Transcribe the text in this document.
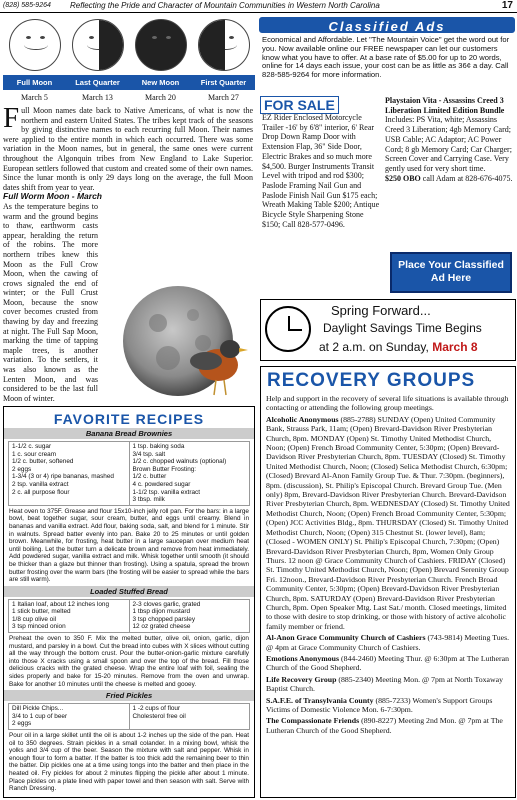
(828) 585-9264 Reflecting the Pride and Character of Mountain Communities in Western North Carolina	17
Full Moon
March 5
Last Quarter
March 13
New Moon
March 20
First Quarter
March 27
F ull Moon names date back to Native Americans, of what is now the northern and eastern United States. The tribes kept track of the seasons by giving distinctive names to each recurring full Moon. Their names were applied to the entire month in which each occurred. There was some variation in the Moon names, but in general, the same ones were current throughout the Algonquin tribes from New England to Lake Superior. European settlers followed that custom and created some of their own names. Since the lunar month is only 29 days long on the average, the full Moon dates shift from year to year.
Full Worm Moon - March
As the temperature begins to warm and the ground begins to thaw, earthworm casts appear, heralding the return of the robins. The more northern tribes knew this Moon as the Full Crow Moon, when the cawing of crows signaled the end of winter; or the Full Crust Moon, because the snow cover becomes crusted from thawing by day and freezing at night. The Full Sap Moon, marking the time of tapping maple trees, is another variation. To the settlers, it was also known as the Lenten Moon, and was considered to be the last full Moon of winter.
FAVORITE RECIPES
Banana Bread Brownies
1-1/2 c. sugar
1 c. sour cream
1/2 c. butter, softened
2 eggs
1-3/4 (3 or 4) ripe bananas, mashed
2 tsp. vanilla extract
2 c. all purpose flour
1 tsp. baking soda
3/4 tsp. salt
1/2 c. chopped walnuts (optional)
Brown Butter Frosting:
1/2 c. butter
4 c. powdered sugar
1-1/2 tsp. vanilla extract
3 tbsp. milk
Heat oven to 375F. Grease and flour 15x10-inch jelly roll pan. For the bars: in a large bowl, beat together sugar, sour cream, butter, and eggs until creamy. Blend in bananas and vanilla extract. Add flour, baking soda, salt, and blend for 1 minute. Stir in walnuts. Spread batter evenly into pan. Bake 20 to 25 minutes or until golden brown. Meanwhile, for frosting, heat butter in a large saucepan over medium heat until boiling. Let the butter turn a delicate brown and remove from heat immediately. Add powdered sugar, vanilla extract and milk. Whisk together until smooth (it should be thicker than a glaze but thinner than frosting). Using a spatula, spread the brown butter frosting over the warm bars (the frosting will be easier to spread while the bars are still warm).
Loaded Stuffed Bread
1 Italian loaf, about 12 inches long
1 stick butter, melted
1/8 cup olive oil
3 tsp minced onion
2-3 cloves garlic, grated
1 tbsp dijon mustard
3 tsp chopped parsley
12 oz grated cheese
Preheat the oven to 350 F. Mix the melted butter, olive oil, onion, garlic, dijon mustard, and parsley in a bowl. Cut the bread into cubes with X slices without cutting all the way through the bottom crust. Pour the butter-onion-garlic mixture carefully into those X cracks using a small spoon and over the top of the bread. Fill those delicious cracks with the grated cheese. Wrap the entire loaf with foil, sealing the sides properly and bake for 15-20 minutes. Remove from the oven and unwrap. Bake for another 10 minutes until the cheese is melted and gooey.
Fried Pickles
Dill Pickle Chips...
3/4 to 1 cup of beer
2 eggs
1 -2 cups of flour
Cholesterol free oil
Pour oil in a large skillet until the oil is about 1-2 inches up the side of the pan. Heat oil to 350 degrees. Strain pickles in a small colander. In a mixing bowl, whisk the yolks and 3/4 cup of the beer. Season the mixture with salt and pepper. Whisk in enough flour to form a batter. If the batter is too thick add the remaining beer to thin the batter. Dip pickles one at a time using tongs into the batter and then place in the heated oil. Fry pickles for about 2 minutes flipping the pickle after about 1 minute. Place pickles on a plate lined with paper towel and then season with salt. Serve with Ranch Dressing.
Classified Ads
Economical and Affordable. Let "The Mountain Voice" get the word out for you. Now available online our FREE newspaper can let our customers know what you have to offer. At a base rate of $5.00 for up to 20 words, online for 14 days each issue, your cost can be as little as 36¢ a day. Call 828-585-9264 for more information.
FOR SALE
EZ Rider Enclosed Motorcycle Trailer -16' by 6'8" interior, 6' Rear Drop Down Ramp Door with Extension Flap, 36" Side Door, Electric Brakes and so much more $4,500. Burger Instruments Transit Level with tripod and rod $300; Paslode Framing Nail Gun and Paslode Finish Nail Gun $175 each; Wreath Making Table $200; Antique Bicycle Style Sharpening Stone $150; Call 828-577-0496.
Playstaion Vita - Assassins Creed 3 Liberation Limited Edition Bundle
Includes: PS Vita, white; Assassins Creed 3 Liberation; 4gb Memory Card; USB Cable; AC Adaptor; AC Power Cord; 8 gb Memory Card; Car Charger; Screen Cover and Carrying Case. Very gently used for very short time.
$250 OBO call Adam at 828-676-4075.
Place Your Classified Ad Here
Spring Forward...
Daylight Savings Time Begins
at 2 a.m. on Sunday, March 8
RECOVERY GROUPS

Help and support in the recovery of several life situations is available through contacting or attending the following group meetings.

Alcoholic Anonymous (885-2788) SUNDAY (Open) United Community Bank, Strauss Park, 11am; (Open) Brevard-Davidson River Presbyterian Church, 8pm. MONDAY (Open) St. Timothy United Methodist Church, Noon; (Open) French Broad Community Center, 5:30pm; (Open) Brevard-Davidson River Presbyterian Church, 8pm. TUESDAY (Closed) St. Timothy United Methodist Church, Noon; (Closed) Selica Methodist Church, 6:30pm; (Closed) Brevard Al-Anon Family Group Tue. & Thur. 7:30pm. (beginners), 8pm. (discussion), St. Philip's Episcopal Church. Brevard Group Tue. (Men only) 8pm, Brevard-Davidson River Presbyterian Church. Brevard-Davidson River Presbyterian Church, 8pm. WEDNESDAY (Closed) St. Timothy United Methodist Church, Noon; (Open) French Broad Community Center, 5:30pm; (Open) JCC Activities Bldg., 8pm. THURSDAY (Closed) St. Timothy United Methodist Church, Noon; (Open) 315 Chestnut St. (lower level), 8am; (Closed - WOMEN ONLY) St. Philip's Episcopal Church, 7:30pm; (Open) Brevard-Davidson River Presbyterian Church, 8pm, Women Only Group Thurs. 12 noon @ Grace Community Church of Cashiers. FRIDAY (Closed) St. Timothy United Methodist Church, Noon; (Open) Brevard Serenity Group Fri. 12noon., Brevard-Davidson River Presbyterian Church. French Broad Community Center, 5:30pm; (Open) Brevard-Davidson River Presbyterian Church, 8pm. SATURDAY (Open) Brevard-Davidson River Presbyterian Church, 8pm. Open Speaker Mtg. Last Sat./ month. Closed meetings, limited to those with desire to stop drinking, or those with history of active alcoholic family member or friend.

Al-Anon Grace Community Church of Cashiers (743-9814) Meeting Tues. @ 4pm at Grace Community Church of Cashiers.

Emotions Anonymous (844-2460) Meeting Thur. @ 6:30pm at The Lutheran Church of the Good Shepherd.

Life Recovery Group (885-2340) Meeting Mon. @ 7pm at North Toxaway Baptist Church.

S.A.F.E. of Transylvania County (885-7233) Women's Support Groups Victims of Domestic Violence Mon. 6-7:30pm.

The Compassionate Friends (890-8227) Meeting 2nd Mon. @ 7pm at The Lutheran Church of the Good Shepherd.
